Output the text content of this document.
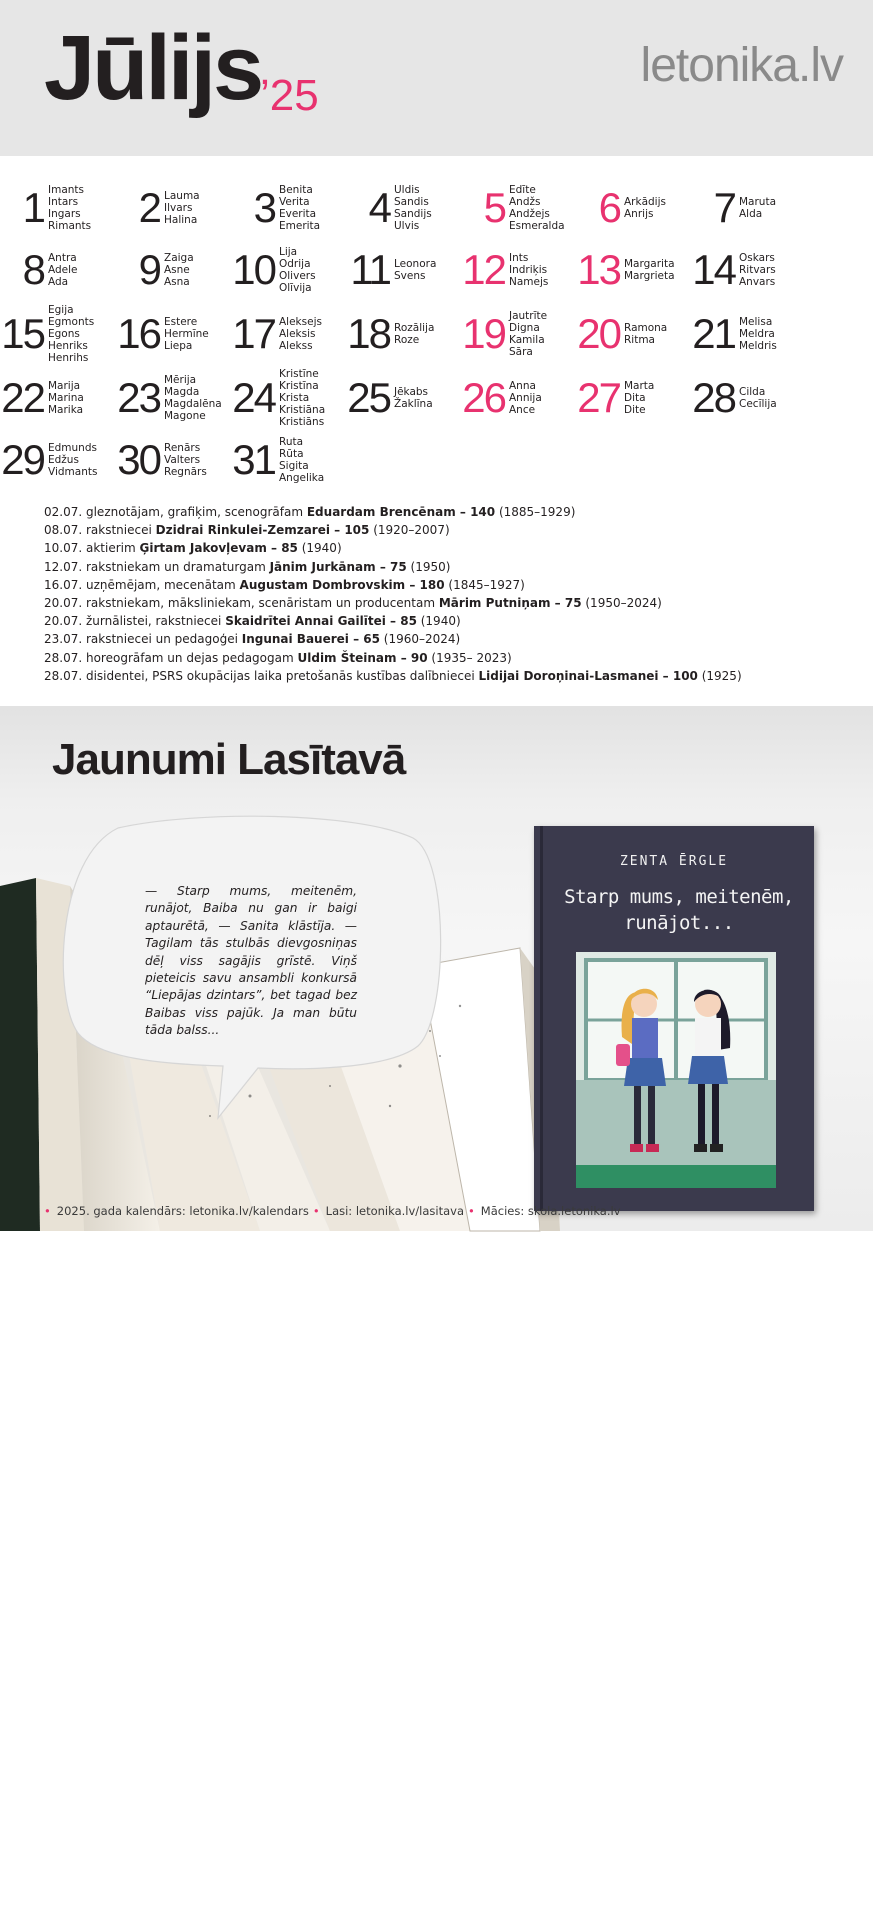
Jūlijs
’25
letonika.lv
1 Imants
Intars
Ingars
Rimants 2 Lauma
Ilvars
Halina 3 Benita
Verita
Everita
Emerita 4 Uldis
Sandis
Sandijs
Ulvis 5 Edīte
Andžs
Andžejs
Esmeralda 6 Arkādijs
Anrijs 7 Maruta
Alda
8 Antra
Adele
Ada 9 Zaiga
Asne
Asna 10 Lija
Odrija
Olivers
Olīvija 11 Leonora
Svens 12 Ints
Indriķis
Namejs 13 Margarita
Margrieta 14 Oskars
Ritvars
Anvars
15 Egija
Egmonts
Egons
Henriks
Henrihs
16 Estere
Hermīne
Liepa 17 Aleksejs
Aleksis
Alekss 18 Rozālija
Roze	19 Jautrīte
Digna
Kamila
Sāra	20 Ramona
Ritma 21 Melisa
Meldra
Meldris
22 Marija
Marina
Marika 23 Mērija
Magda
Magdalēna
Magone 24 Kristīne
Kristīna
Krista
Kristiāna
Kristiāns
25 Jēkabs
Žaklīna 26 Anna
Annija
Ance 27 Marta
Dita
Dite 28 Cilda
Cecīlija
29 Edmunds
Edžus
Vidmants 30 Renārs
Valters
Regnārs 31 Ruta
Rūta
Sigita
Angelika
02.07. gleznotājam, grafiķim, scenogrāfam Eduardam Brencēnam – 140 (1885–1929)
08.07. rakstniecei Dzidrai Rinkulei-Zemzarei – 105 (1920–2007)
10.07. aktierim Ģirtam Jakovļevam – 85 (1940)
12.07. rakstniekam un dramaturgam Jānim Jurkānam – 75 (1950)
16.07. uzņēmējam, mecenātam Augustam Dombrovskim – 180 (1845–1927)
20.07. rakstniekam, māksliniekam, scenāristam un producentam Mārim Putniņam – 75 (1950–2024)
20.07. žurnālistei, rakstniecei Skaidrītei Annai Gailītei – 85 (1940)
23.07. rakstniecei un pedagoģei Ingunai Bauerei – 65 (1960–2024)
28.07. horeogrāfam un dejas pedagogam Uldim Šteinam – 90 (1935– 2023)
28.07. disidentei, PSRS okupācijas laika pretošanās kustības dalībniecei Lidijai Doroņinai-Lasmanei – 100 (1925)
Jaunumi Lasītavā
— Starp mums, meitenēm, runājot, Baiba nu gan ir baigi aptaurētā, — Sanita klāstīja. — Tagilam tās stulbās dievgosniņas dēļ viss sagājis grīstē. Viņš pieteicis savu ansambli konkursā “Liepājas dzintars”, bet tagad bez Baibas viss pajūk. Ja man būtu tāda balss...
ZENTA ĒRGLE
Starp mums, meitenēm, runājot...
Le
• 2025. gada kalendārs: letonika.lv/kalendars • Lasi: letonika.lv/lasitava • Mācies: skola.letonika.lv
